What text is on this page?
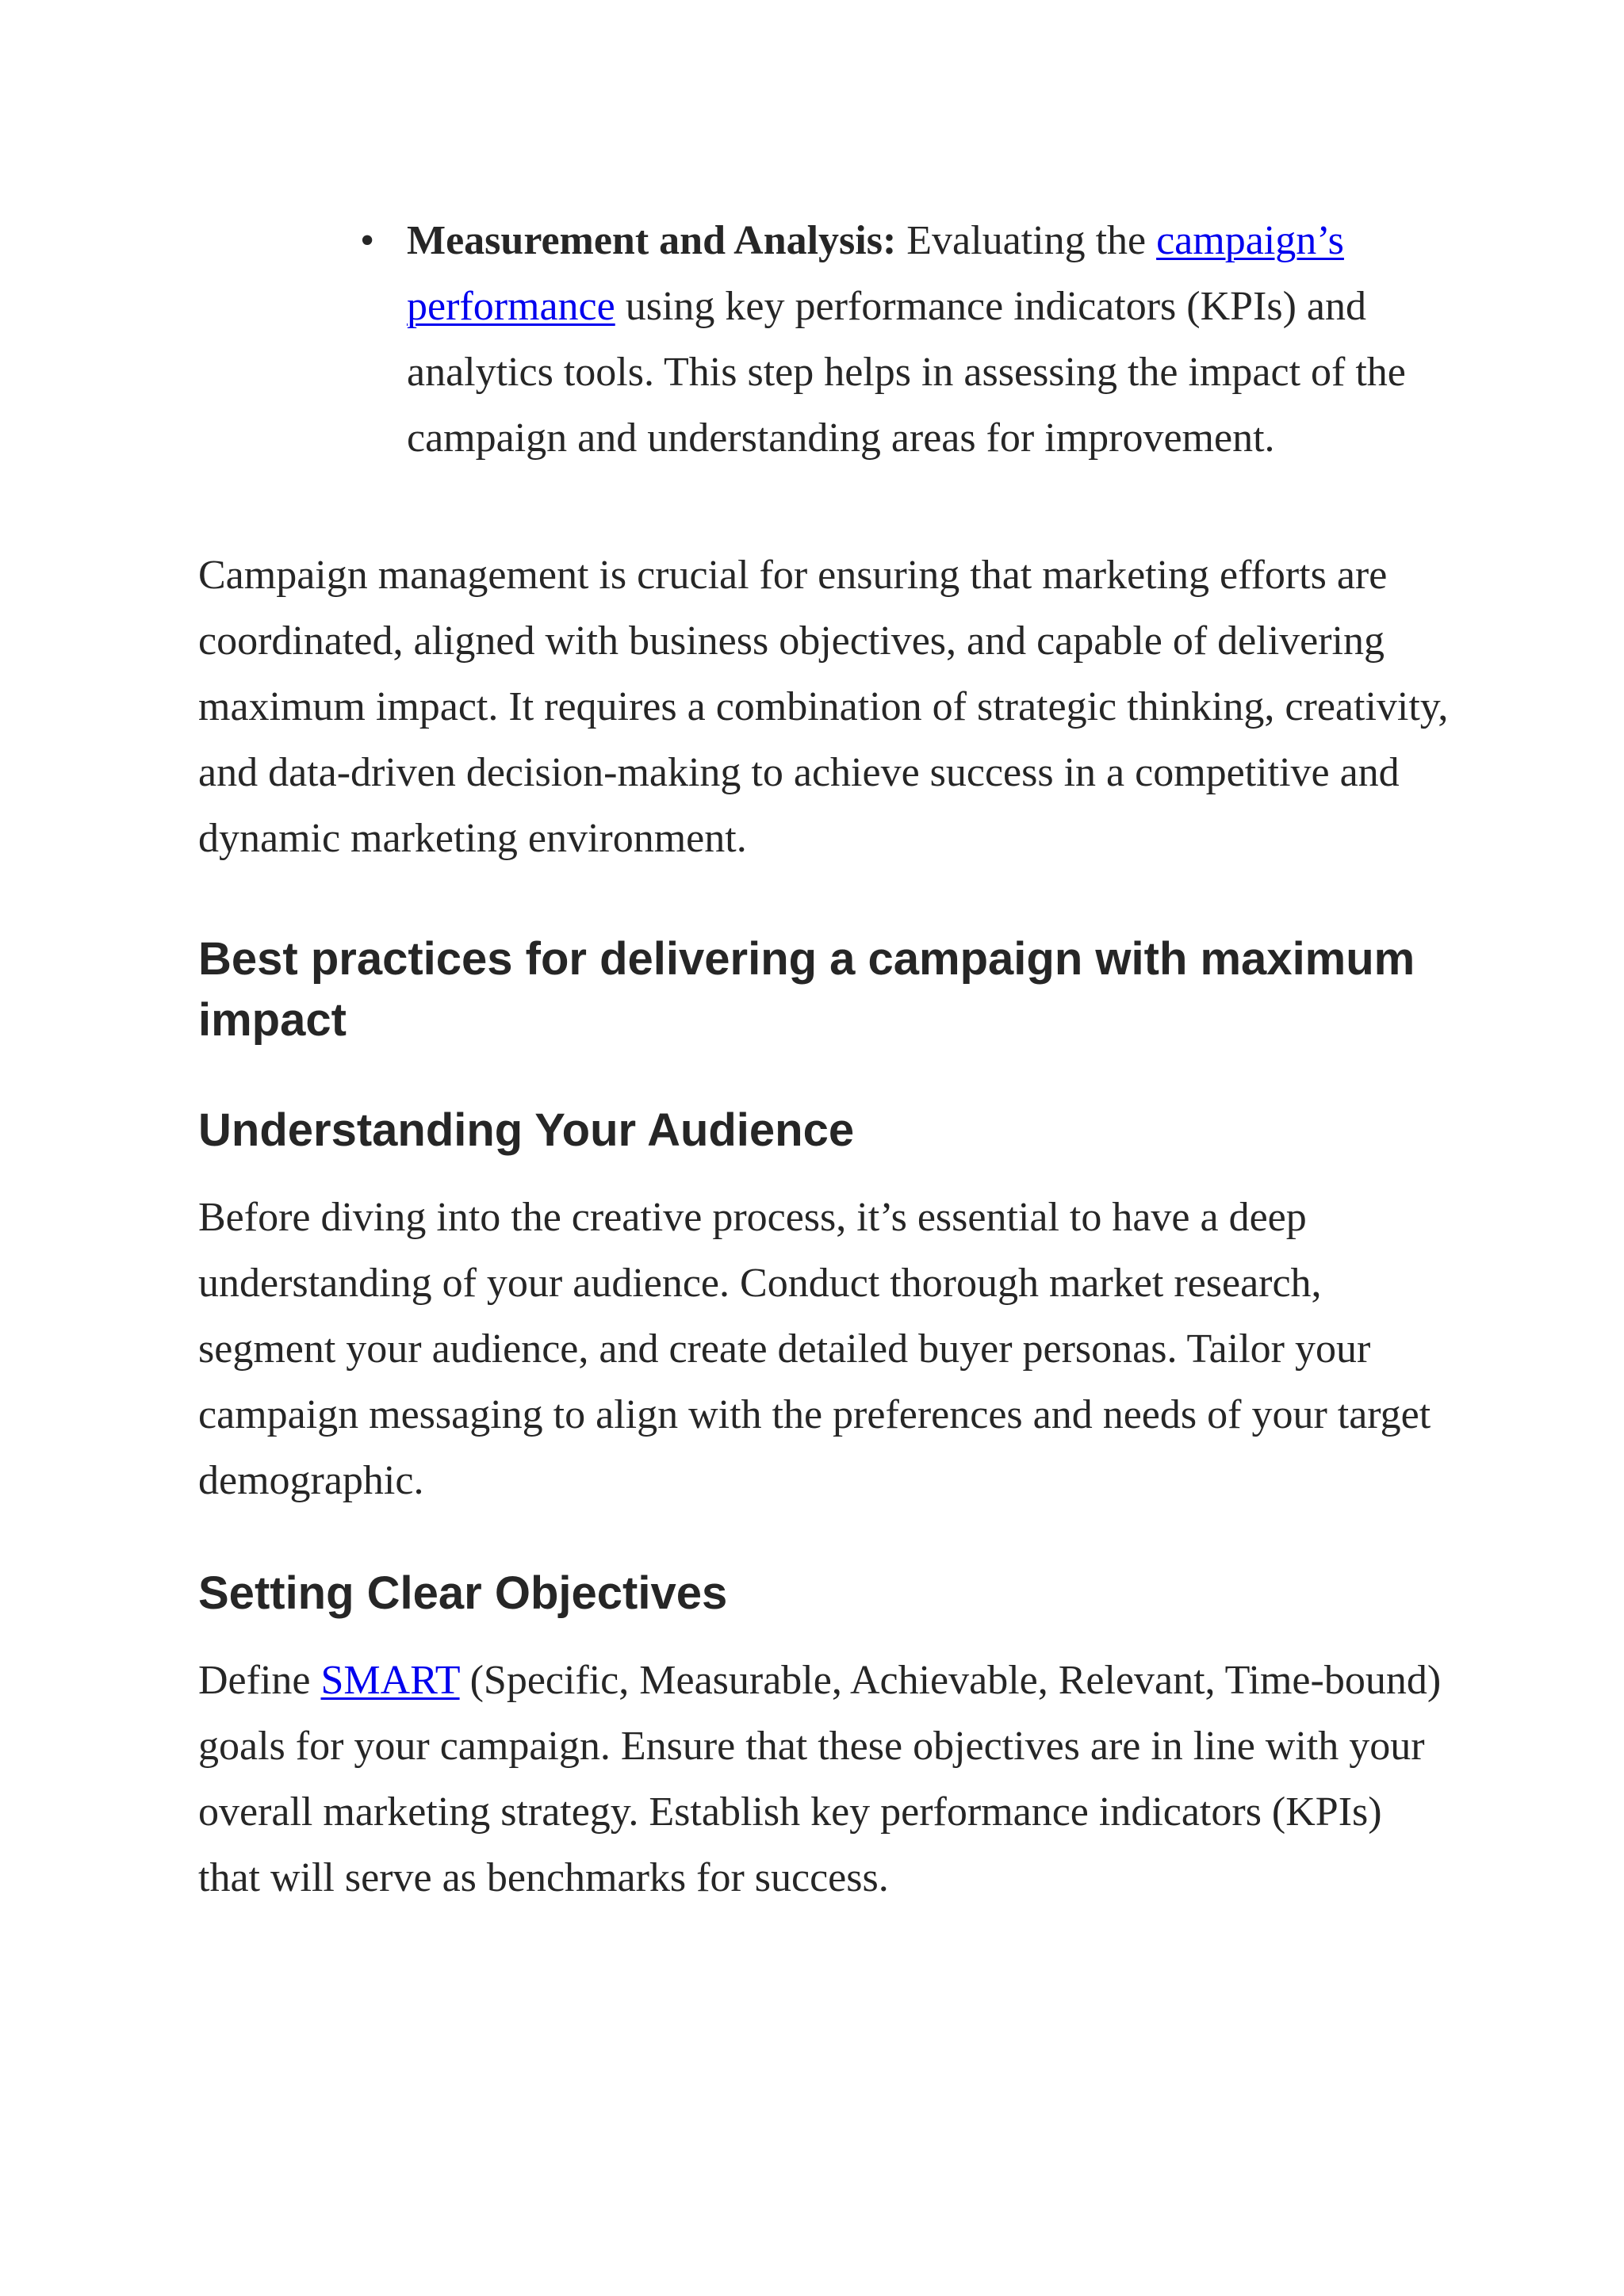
• Measurement and Analysis: Evaluating the campaign’s performance using key performance indicators (KPIs) and analytics tools. This step helps in assessing the impact of the campaign and understanding areas for improvement.

Campaign management is crucial for ensuring that marketing efforts are coordinated, aligned with business objectives, and capable of delivering maximum impact. It requires a combination of strategic thinking, creativity, and data-driven decision-making to achieve success in a competitive and dynamic marketing environment.

Best practices for delivering a campaign with maximum impact
Understanding Your Audience

Before diving into the creative process, it’s essential to have a deep understanding of your audience. Conduct thorough market research, segment your audience, and create detailed buyer personas. Tailor your campaign messaging to align with the preferences and needs of your target demographic.

Setting Clear Objectives

Define SMART (Specific, Measurable, Achievable, Relevant, Time-bound) goals for your campaign. Ensure that these objectives are in line with your overall marketing strategy. Establish key performance indicators (KPIs) that will serve as benchmarks for success.
